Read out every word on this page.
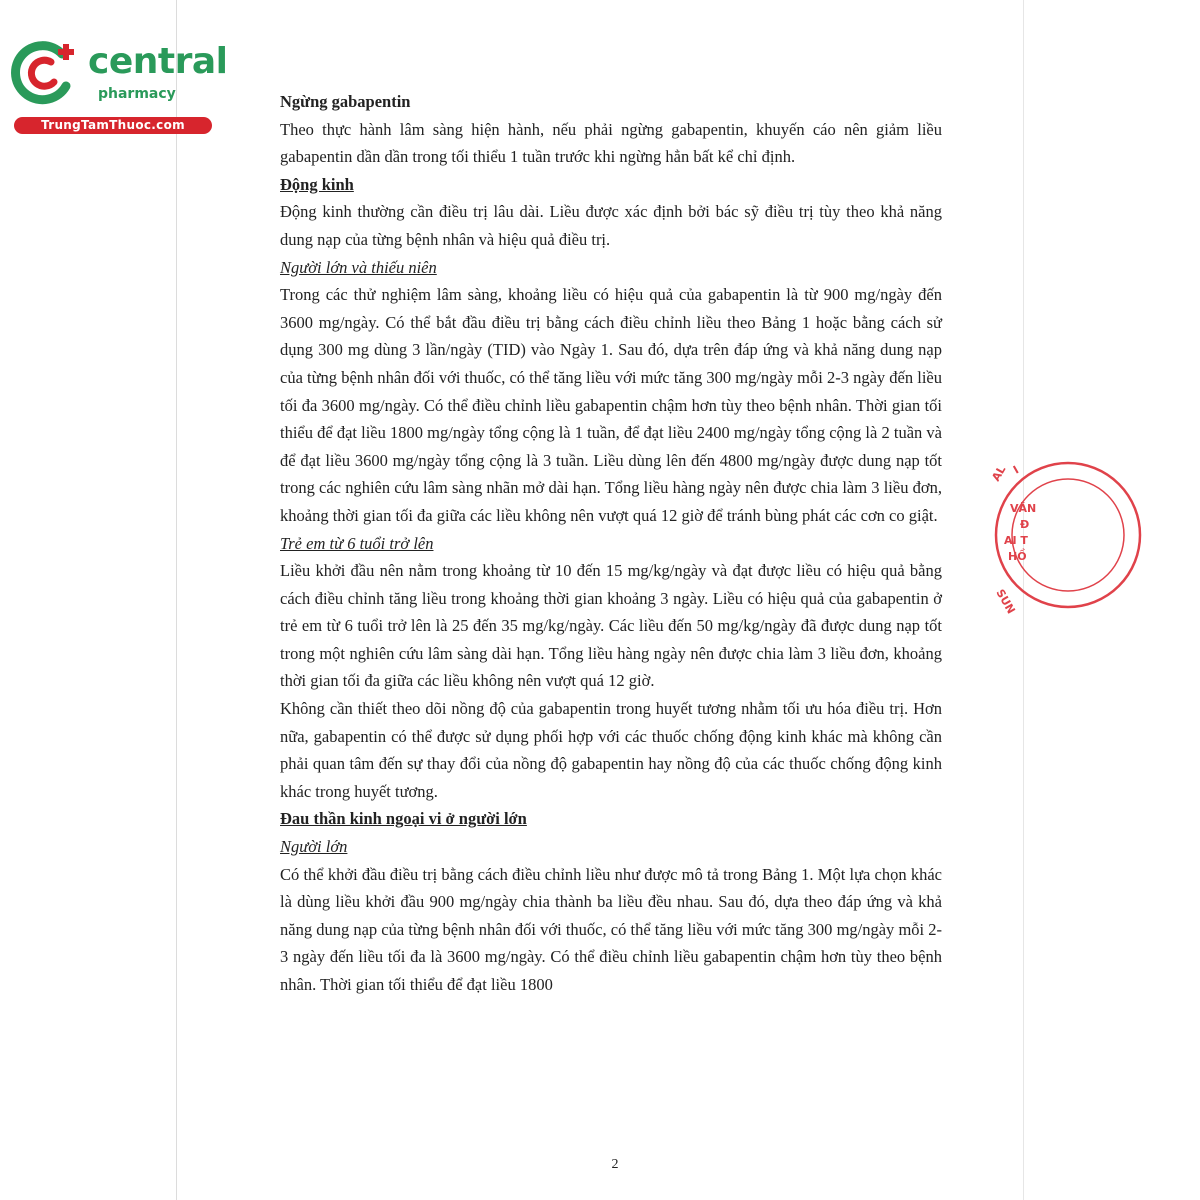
central
pharmacy
TrungTamThuoc.com
AL I
VĂN
Đ
AI T
HỒ
SUN
Ngừng gabapentin

Theo thực hành lâm sàng hiện hành, nếu phải ngừng gabapentin, khuyến cáo nên giảm liều gabapentin dần dần trong tối thiểu 1 tuần trước khi ngừng hẳn bất kể chỉ định.

Động kinh

Động kinh thường cần điều trị lâu dài. Liều được xác định bởi bác sỹ điều trị tùy theo khả năng dung nạp của từng bệnh nhân và hiệu quả điều trị.

Người lớn và thiếu niên

Trong các thử nghiệm lâm sàng, khoảng liều có hiệu quả của gabapentin là từ 900 mg/ngày đến 3600 mg/ngày. Có thể bắt đầu điều trị bằng cách điều chỉnh liều theo Bảng 1 hoặc bằng cách sử dụng 300 mg dùng 3 lần/ngày (TID) vào Ngày 1. Sau đó, dựa trên đáp ứng và khả năng dung nạp của từng bệnh nhân đối với thuốc, có thể tăng liều với mức tăng 300 mg/ngày mỗi 2-3 ngày đến liều tối đa 3600 mg/ngày. Có thể điều chỉnh liều gabapentin chậm hơn tùy theo bệnh nhân. Thời gian tối thiểu để đạt liều 1800 mg/ngày tổng cộng là 1 tuần, để đạt liều 2400 mg/ngày tổng cộng là 2 tuần và để đạt liều 3600 mg/ngày tổng cộng là 3 tuần. Liều dùng lên đến 4800 mg/ngày được dung nạp tốt trong các nghiên cứu lâm sàng nhãn mở dài hạn. Tổng liều hàng ngày nên được chia làm 3 liều đơn, khoảng thời gian tối đa giữa các liều không nên vượt quá 12 giờ để tránh bùng phát các cơn co giật.

Trẻ em từ 6 tuổi trở lên

Liều khởi đầu nên nằm trong khoảng từ 10 đến 15 mg/kg/ngày và đạt được liều có hiệu quả bằng cách điều chỉnh tăng liều trong khoảng thời gian khoảng 3 ngày. Liều có hiệu quả của gabapentin ở trẻ em từ 6 tuổi trở lên là 25 đến 35 mg/kg/ngày. Các liều đến 50 mg/kg/ngày đã được dung nạp tốt trong một nghiên cứu lâm sàng dài hạn. Tổng liều hàng ngày nên được chia làm 3 liều đơn, khoảng thời gian tối đa giữa các liều không nên vượt quá 12 giờ.

Không cần thiết theo dõi nồng độ của gabapentin trong huyết tương nhằm tối ưu hóa điều trị. Hơn nữa, gabapentin có thể được sử dụng phối hợp với các thuốc chống động kinh khác mà không cần phải quan tâm đến sự thay đổi của nồng độ gabapentin hay nồng độ của các thuốc chống động kinh khác trong huyết tương.

Đau thần kinh ngoại vi ở người lớn
Người lớn

Có thể khởi đầu điều trị bằng cách điều chỉnh liều như được mô tả trong Bảng 1. Một lựa chọn khác là dùng liều khởi đầu 900 mg/ngày chia thành ba liều đều nhau. Sau đó, dựa theo đáp ứng và khả năng dung nạp của từng bệnh nhân đối với thuốc, có thể tăng liều với mức tăng 300 mg/ngày mỗi 2-3 ngày đến liều tối đa là 3600 mg/ngày. Có thể điều chỉnh liều gabapentin chậm hơn tùy theo bệnh nhân. Thời gian tối thiểu để đạt liều 1800

2
